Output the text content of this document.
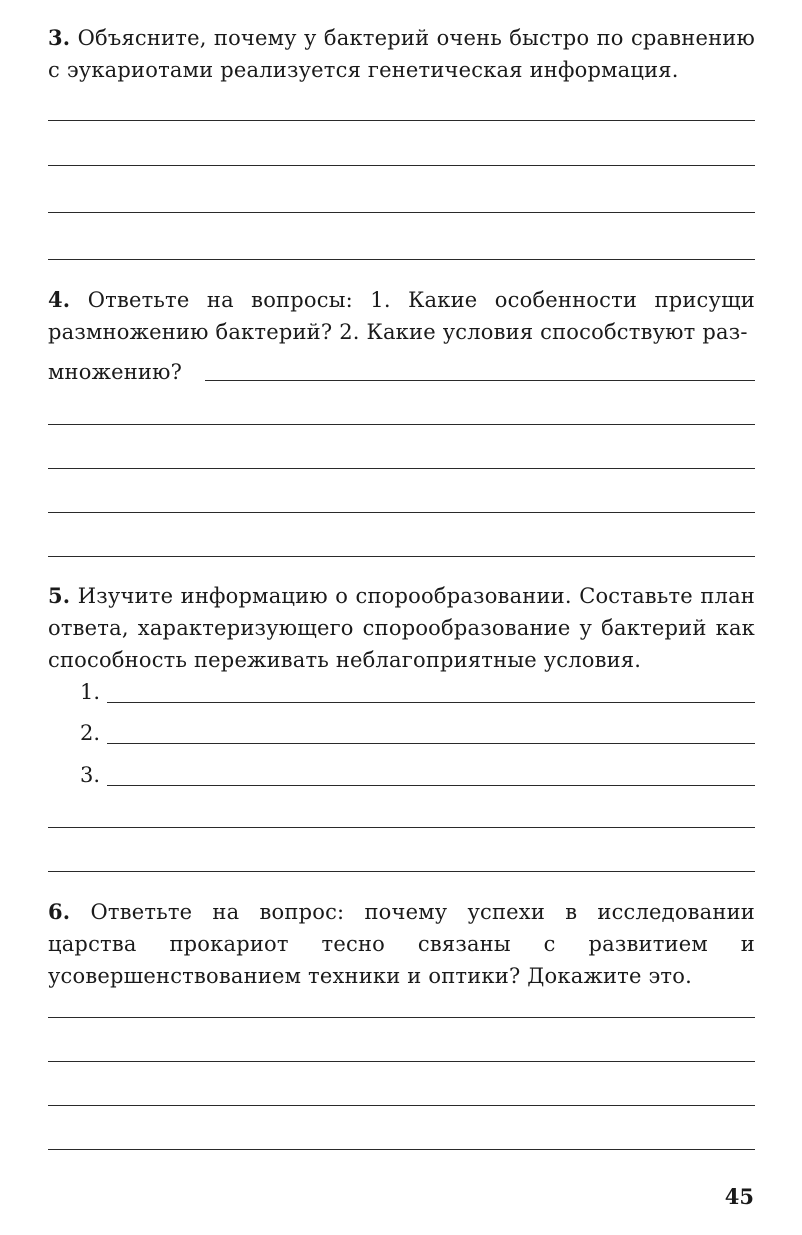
3. Объясните, почему у бактерий очень быстро по сравнению с эукариотами реализуется генетическая информация.
4. Ответьте на вопросы: 1. Какие особенности присущи размножению бактерий? 2. Какие условия способствуют раз-
множению?
5. Изучите информацию о спорообразовании. Составьте план ответа, характеризующего спорообразование у бактерий как способность переживать неблагоприятные условия.
1.
2.
3.
6. Ответьте на вопрос: почему успехи в исследовании царства прокариот тесно связаны с развитием и усовершенствованием техники и оптики? Докажите это.
45
